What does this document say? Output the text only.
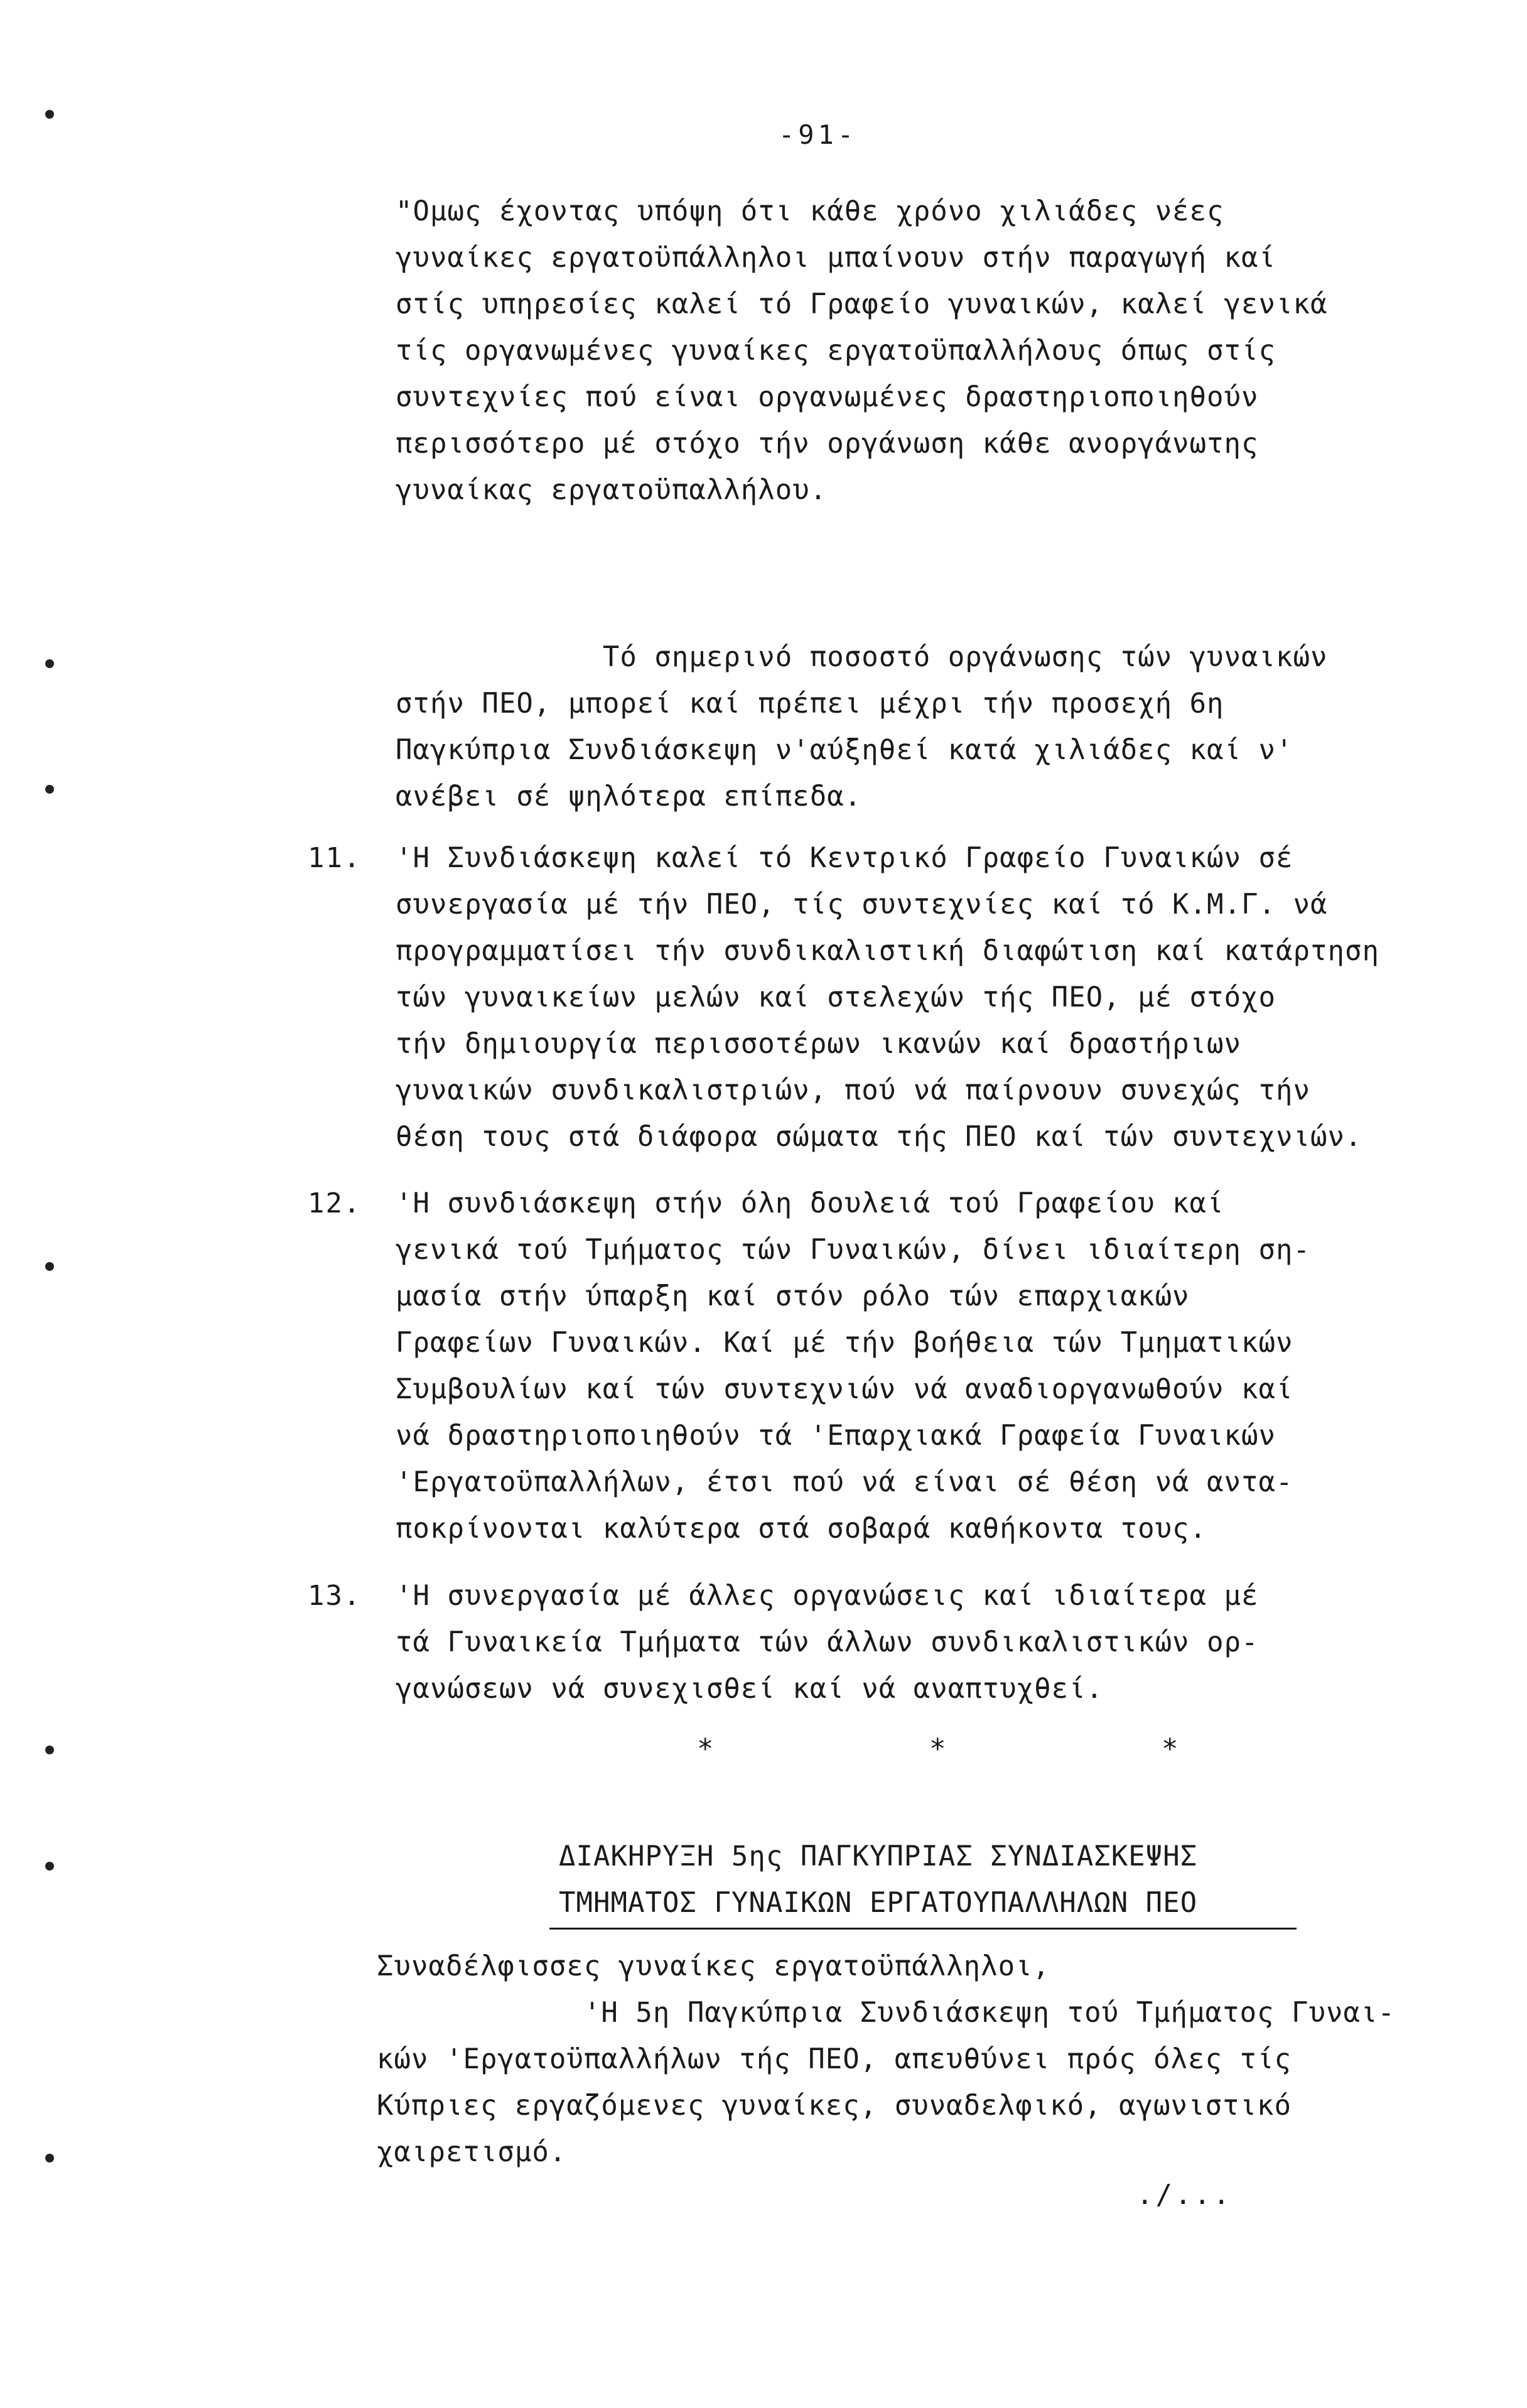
-91-
"Ομως έχοντας υπόψη ότι κάθε χρόνο χιλιάδες νέες
γυναίκες εργατοϋπάλληλοι μπαίνουν στήν παραγωγή καί
στίς υπηρεσίες καλεί τό Γραφείο γυναικών, καλεί γενικά
τίς οργανωμένες γυναίκες εργατοϋπαλλήλους όπως στίς
συντεχνίες πού είναι οργανωμένες δραστηριοποιηθούν
περισσότερο μέ στόχο τήν οργάνωση κάθε ανοργάνωτης
γυναίκας εργατοϋπαλλήλου.
Τό σημερινό ποσοστό οργάνωσης τών γυναικών
στήν ΠΕΟ, μπορεί καί πρέπει μέχρι τήν προσεχή 6η
Παγκύπρια Συνδιάσκεψη ν'αύξηθεί κατά χιλιάδες καί ν'
ανέβει σέ ψηλότερα επίπεδα.
11. 'Η Συνδιάσκεψη καλεί τό Κεντρικό Γραφείο Γυναικών σέ
συνεργασία μέ τήν ΠΕΟ, τίς συντεχνίες καί τό Κ.Μ.Γ. νά
προγραμματίσει τήν συνδικαλιστική διαφώτιση καί κατάρτηση
τών γυναικείων μελών καί στελεχών τής ΠΕΟ, μέ στόχο
τήν δημιουργία περισσοτέρων ικανών καί δραστήριων
γυναικών συνδικαλιστριών, πού νά παίρνουν συνεχώς τήν
θέση τους στά διάφορα σώματα τής ΠΕΟ καί τών συντεχνιών.
12. 'Η συνδιάσκεψη στήν όλη δουλειά τού Γραφείου καί
γενικά τού Τμήματος τών Γυναικών, δίνει ιδιαίτερη ση-
μασία στήν ύπαρξη καί στόν ρόλο τών επαρχιακών
Γραφείων Γυναικών. Καί μέ τήν βοήθεια τών Τμηματικών
Συμβουλίων καί τών συντεχνιών νά αναδιοργανωθούν καί
νά δραστηριοποιηθούν τά 'Επαρχιακά Γραφεία Γυναικών
'Εργατοϋπαλλήλων, έτσι πού νά είναι σέ θέση νά αντα-
ποκρίνονται καλύτερα στά σοβαρά καθήκοντα τους.
13. 'Η συνεργασία μέ άλλες οργανώσεις καί ιδιαίτερα μέ
τά Γυναικεία Τμήματα τών άλλων συνδικαλιστικών ορ-
γανώσεων νά συνεχισθεί καί νά αναπτυχθεί.
*	*	*
ΔΙΑΚΗΡΥΞΗ 5ης ΠΑΓΚΥΠΡΙΑΣ ΣΥΝΔΙΑΣΚΕΨΗΣ
ΤΜΗΜΑΤΟΣ ΓΥΝΑΙΚΩΝ ΕΡΓΑΤΟΥΠΑΛΛΗΛΩΝ ΠΕΟ
Συναδέλφισσες γυναίκες εργατοϋπάλληλοι,
'Η 5η Παγκύπρια Συνδιάσκεψη τού Τμήματος Γυναι-
κών 'Εργατοϋπαλλήλων τής ΠΕΟ, απευθύνει πρός όλες τίς
Κύπριες εργαζόμενες γυναίκες, συναδελφικό, αγωνιστικό
χαιρετισμό.
./...
